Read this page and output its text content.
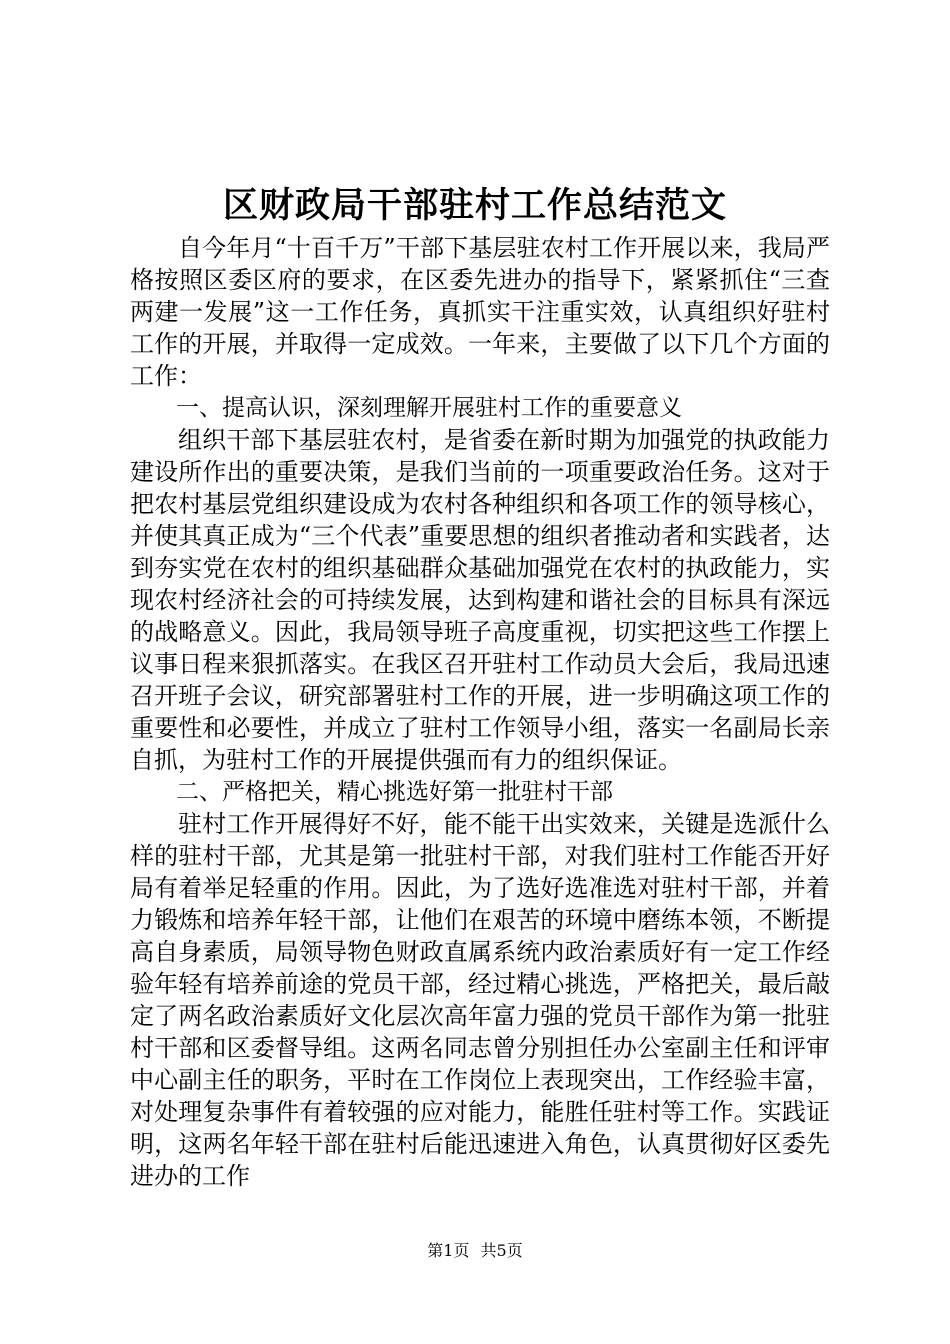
区财政局干部驻村工作总结范文

自今年月“十百千万”干部下基层驻农村工作开展以来，我局严格按照区委区府的要求，在区委先进办的指导下，紧紧抓住“三查两建一发展”这一工作任务，真抓实干注重实效，认真组织好驻村工作的开展，并取得一定成效。一年来，主要做了以下几个方面的工作：

一、提高认识，深刻理解开展驻村工作的重要意义

组织干部下基层驻农村，是省委在新时期为加强党的执政能力建设所作出的重要决策，是我们当前的一项重要政治任务。这对于把农村基层党组织建设成为农村各种组织和各项工作的领导核心，并使其真正成为“三个代表”重要思想的组织者推动者和实践者，达到夯实党在农村的组织基础群众基础加强党在农村的执政能力，实现农村经济社会的可持续发展，达到构建和谐社会的目标具有深远的战略意义。因此，我局领导班子高度重视，切实把这些工作摆上议事日程来狠抓落实。在我区召开驻村工作动员大会后，我局迅速召开班子会议，研究部署驻村工作的开展，进一步明确这项工作的重要性和必要性，并成立了驻村工作领导小组，落实一名副局长亲自抓，为驻村工作的开展提供强而有力的组织保证。

二、严格把关，精心挑选好第一批驻村干部

驻村工作开展得好不好，能不能干出实效来，关键是选派什么样的驻村干部，尤其是第一批驻村干部，对我们驻村工作能否开好局有着举足轻重的作用。因此，为了选好选准选对驻村干部，并着力锻炼和培养年轻干部，让他们在艰苦的环境中磨练本领，不断提高自身素质，局领导物色财政直属系统内政治素质好有一定工作经验年轻有培养前途的党员干部，经过精心挑选，严格把关，最后敲定了两名政治素质好文化层次高年富力强的党员干部作为第一批驻村干部和区委督导组。这两名同志曾分别担任办公室副主任和评审中心副主任的职务，平时在工作岗位上表现突出，工作经验丰富，对处理复杂事件有着较强的应对能力，能胜任驻村等工作。实践证明，这两名年轻干部在驻村后能迅速进入角色，认真贯彻好区委先进办的工作

第1页 共5页
